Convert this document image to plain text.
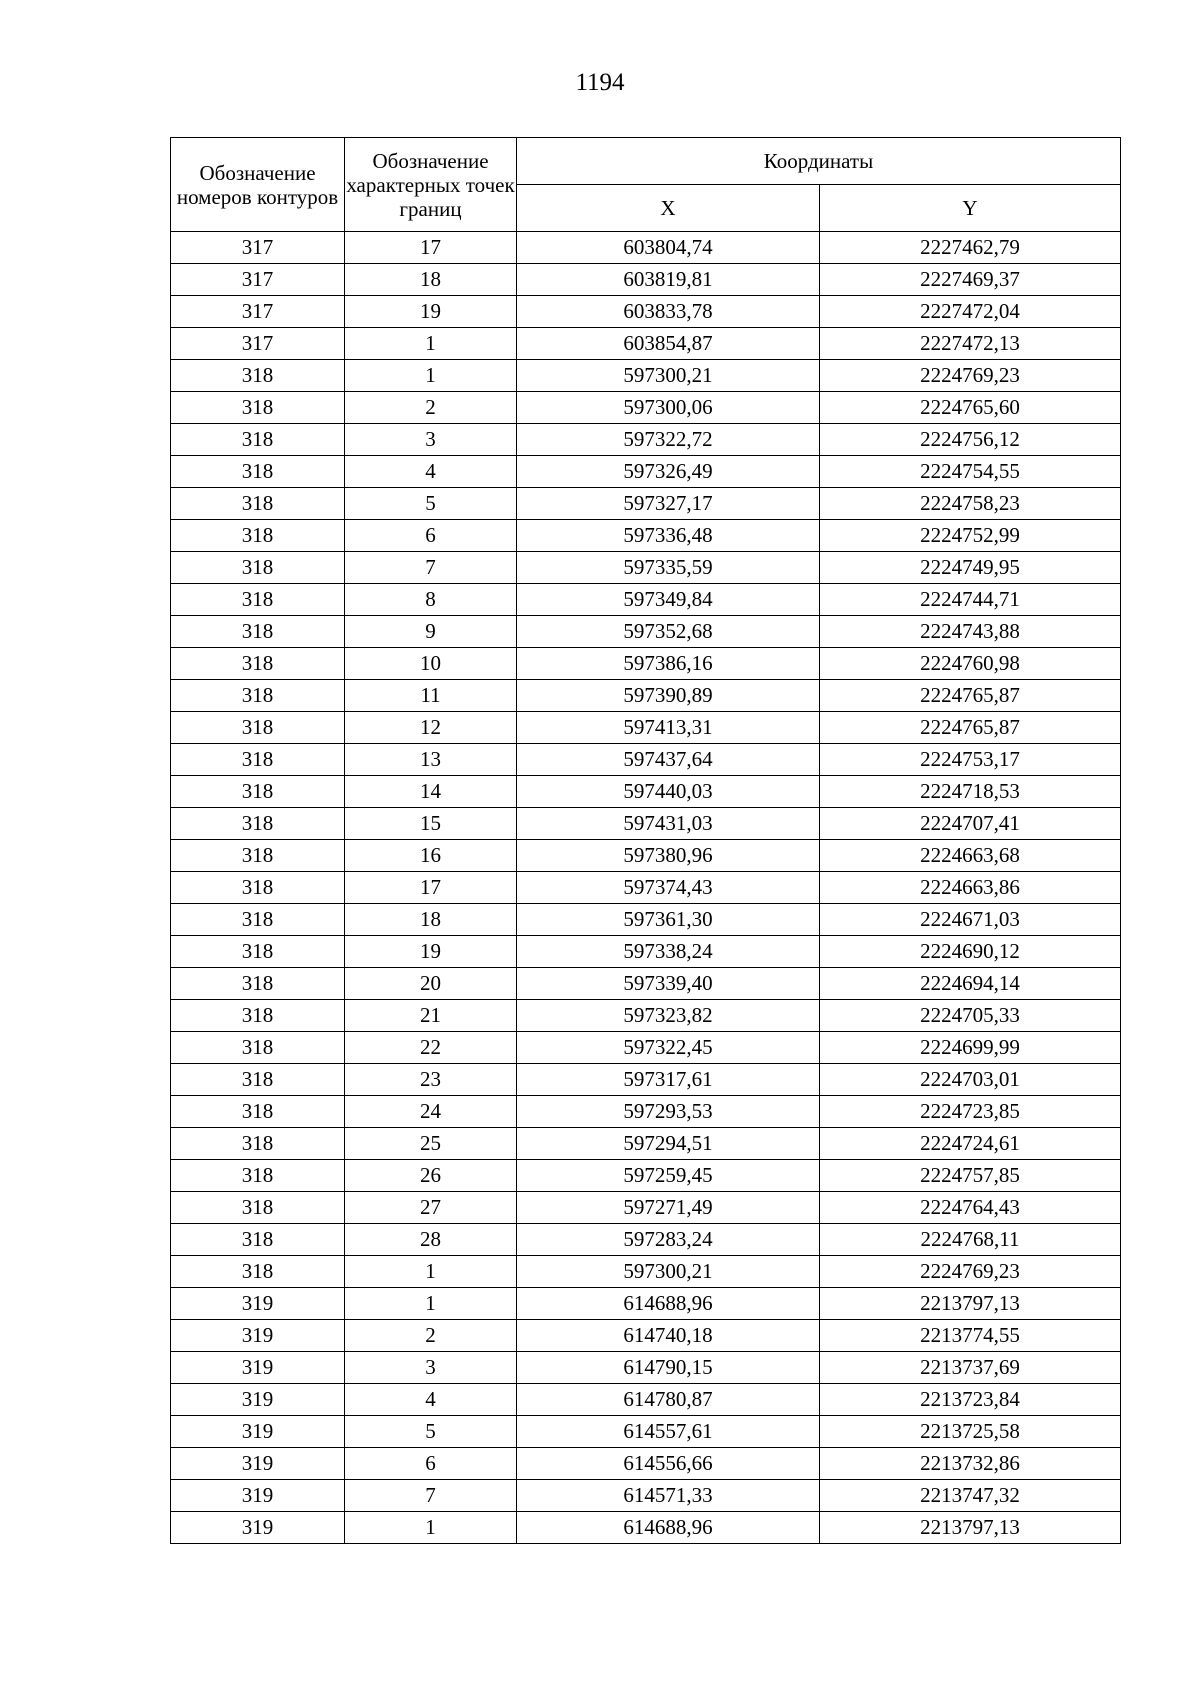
1194
Обозначение номеров контуров	Обозначение характерных точек границ	Координаты	
		X	Y
317	17	603804,74	2227462,79
317	18	603819,81	2227469,37
317	19	603833,78	2227472,04
317	1	603854,87	2227472,13
318	1	597300,21	2224769,23
318	2	597300,06	2224765,60
318	3	597322,72	2224756,12
318	4	597326,49	2224754,55
318	5	597327,17	2224758,23
318	6	597336,48	2224752,99
318	7	597335,59	2224749,95
318	8	597349,84	2224744,71
318	9	597352,68	2224743,88
318	10	597386,16	2224760,98
318	11	597390,89	2224765,87
318	12	597413,31	2224765,87
318	13	597437,64	2224753,17
318	14	597440,03	2224718,53
318	15	597431,03	2224707,41
318	16	597380,96	2224663,68
318	17	597374,43	2224663,86
318	18	597361,30	2224671,03
318	19	597338,24	2224690,12
318	20	597339,40	2224694,14
318	21	597323,82	2224705,33
318	22	597322,45	2224699,99
318	23	597317,61	2224703,01
318	24	597293,53	2224723,85
318	25	597294,51	2224724,61
318	26	597259,45	2224757,85
318	27	597271,49	2224764,43
318	28	597283,24	2224768,11
318	1	597300,21	2224769,23
319	1	614688,96	2213797,13
319	2	614740,18	2213774,55
319	3	614790,15	2213737,69
319	4	614780,87	2213723,84
319	5	614557,61	2213725,58
319	6	614556,66	2213732,86
319	7	614571,33	2213747,32
319	1	614688,96	2213797,13
